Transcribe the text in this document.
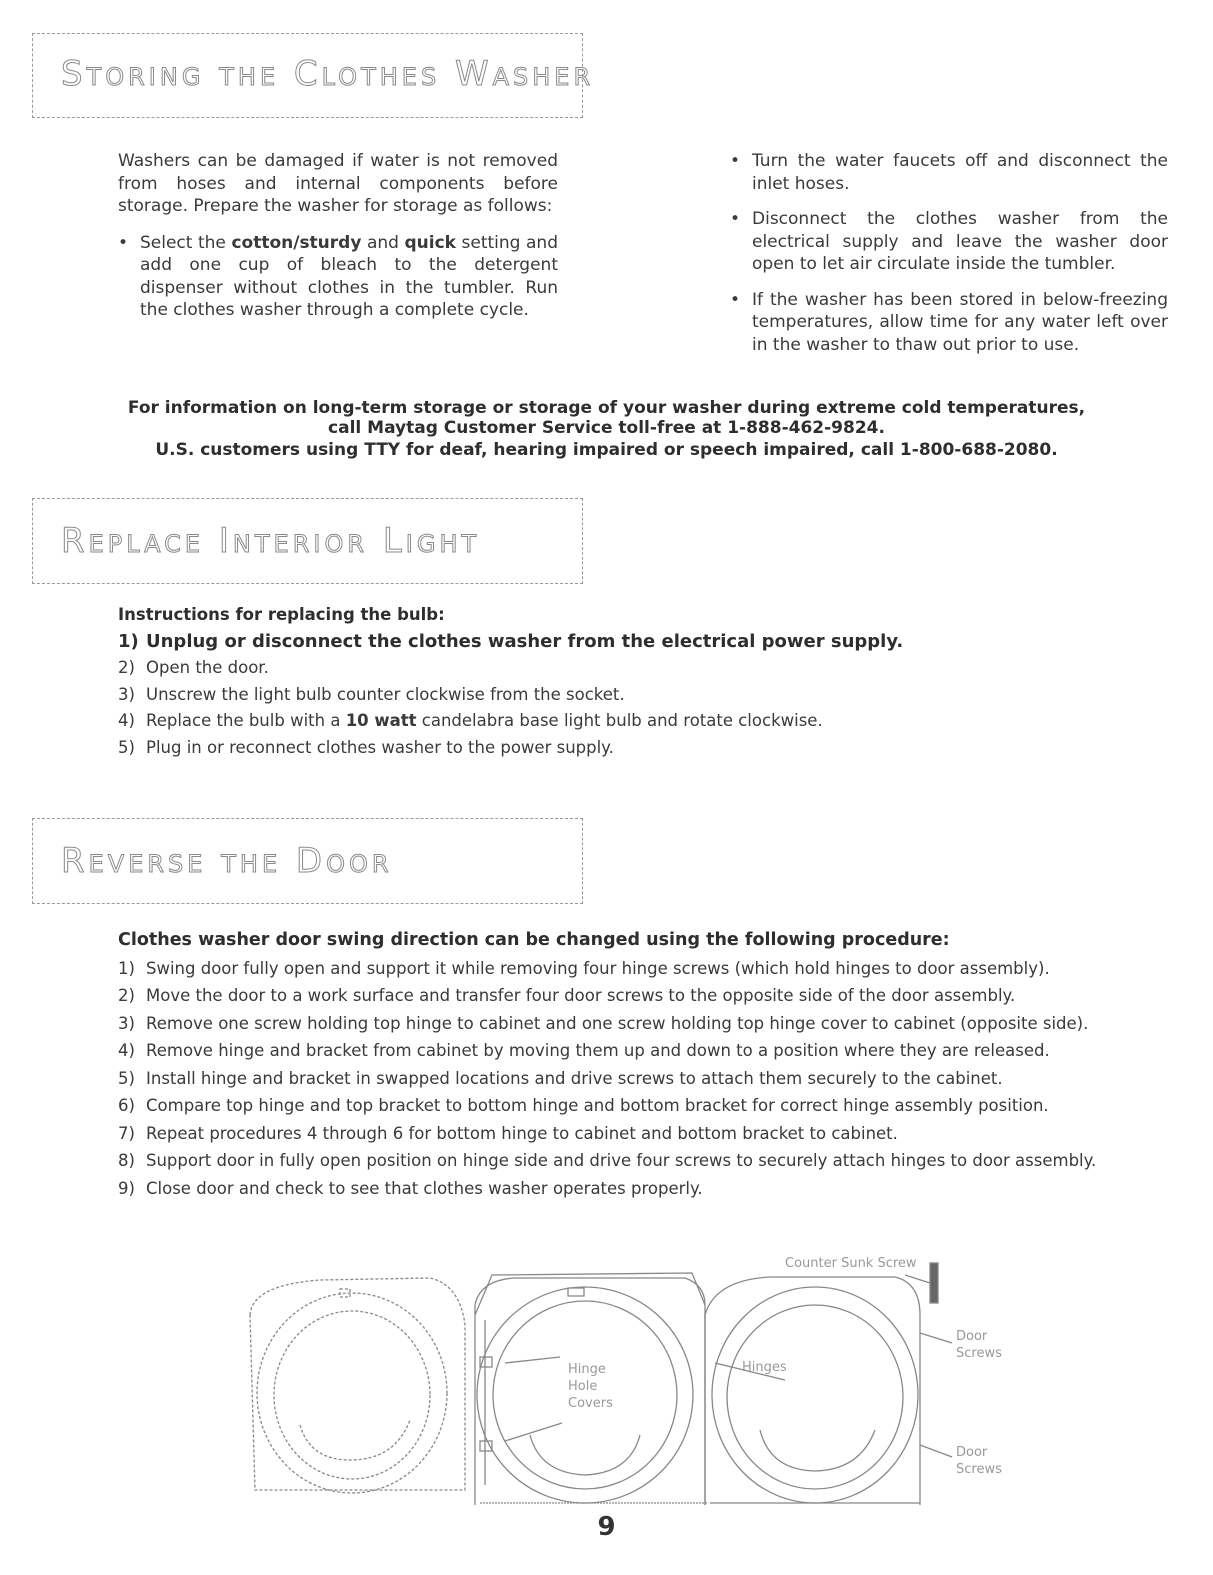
Storing the Clothes Washer

Washers can be damaged if water is not removed from hoses and internal components before storage. Prepare the washer for storage as follows:

• Select the cotton/sturdy and quick setting and add one cup of bleach to the detergent dispenser without clothes in the tumbler. Run the clothes washer through a complete cycle.
• Turn the water faucets off and disconnect the inlet hoses.
• Disconnect the clothes washer from the electrical supply and leave the washer door open to let air circulate inside the tumbler.
• If the washer has been stored in below-freezing temperatures, allow time for any water left over in the washer to thaw out prior to use.
For information on long-term storage or storage of your washer during extreme cold temperatures,
call Maytag Customer Service toll-free at 1-888-462-9824.
U.S. customers using TTY for deaf, hearing impaired or speech impaired, call 1-800-688-2080.
Replace Interior Light
Instructions for replacing the bulb:
1) Unplug or disconnect the clothes washer from the electrical power supply.
2) Open the door.
3) Unscrew the light bulb counter clockwise from the socket.
4) Replace the bulb with a 10 watt candelabra base light bulb and rotate clockwise.
5) Plug in or reconnect clothes washer to the power supply.
Reverse the Door
Clothes washer door swing direction can be changed using the following procedure:
1) Swing door fully open and support it while removing four hinge screws (which hold hinges to door assembly).
2) Move the door to a work surface and transfer four door screws to the opposite side of the door assembly.
3) Remove one screw holding top hinge to cabinet and one screw holding top hinge cover to cabinet (opposite side).
4) Remove hinge and bracket from cabinet by moving them up and down to a position where they are released.
5) Install hinge and bracket in swapped locations and drive screws to attach them securely to the cabinet.
6) Compare top hinge and top bracket to bottom hinge and bottom bracket for correct hinge assembly position.
7) Repeat procedures 4 through 6 for bottom hinge to cabinet and bottom bracket to cabinet.
8) Support door in fully open position on hinge side and drive four screws to securely attach hinges to door assembly.
9) Close door and check to see that clothes washer operates properly.
Counter Sunk Screw
Hinge
Hole
Covers
Hinges
Door
Screws
Door
Screws
9
